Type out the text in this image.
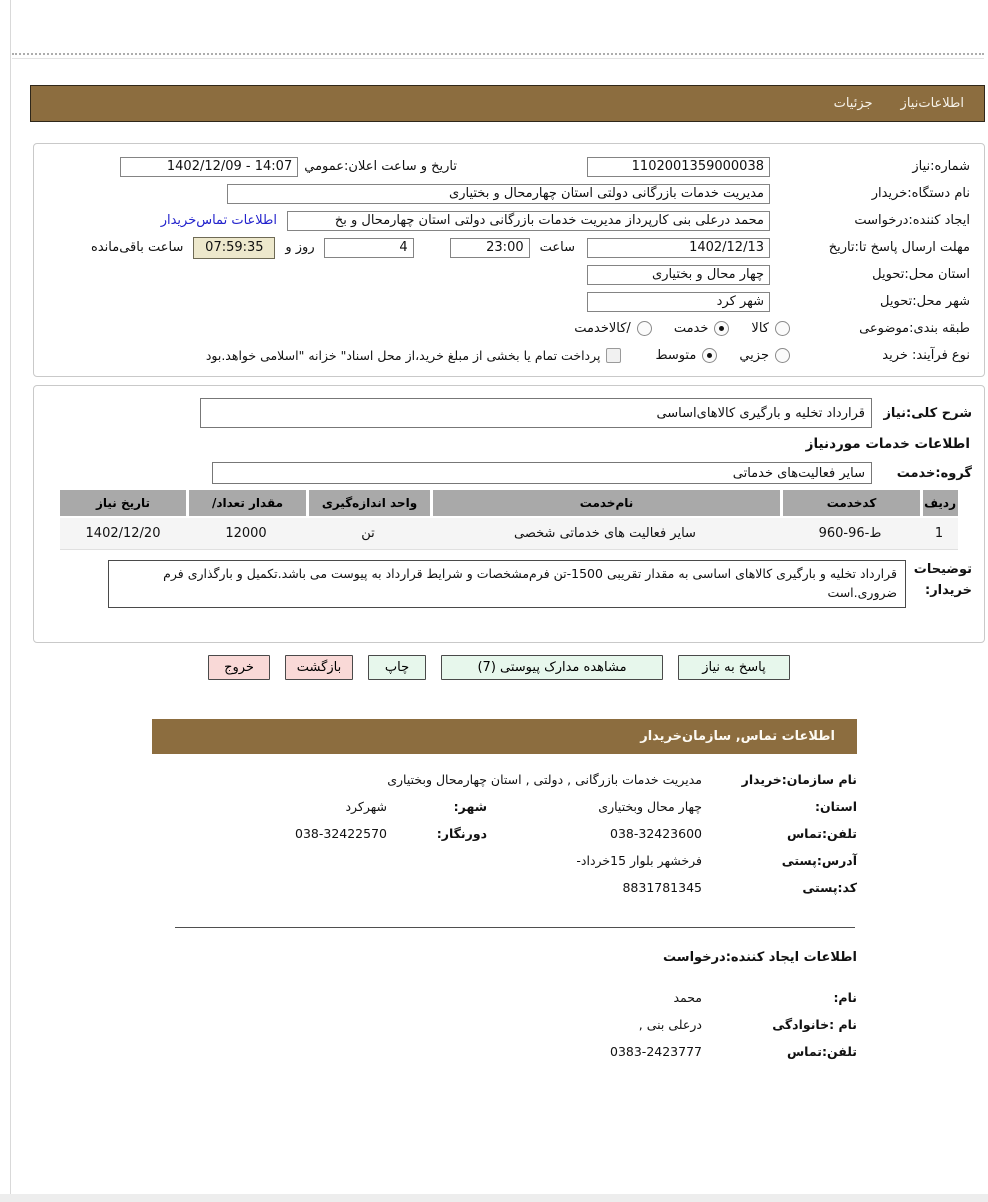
اطلاعات‌نیاز
جزئیات
شماره:نیاز
1102001359000038
تاریخ و ساعت اعلان:عمومي
1402/12/09 - 14:07
نام دستگاه:خریدار
مدیریت خدمات بازرگانی دولتی استان چهارمحال و بختیاری
ایجاد کننده:درخواست
محمد درعلی بنی کارپرداز مدیریت خدمات بازرگانی دولتی استان چهارمحال و بخ
اطلاعات تماس‌خریدار
مهلت ارسال پاسخ تا:تاریخ
1402/12/13
ساعت
23:00
4
روز و
07:59:35
ساعت باقی‌مانده
استان محل:تحویل
چهار محال و بختیاری
شهر محل:تحویل
شهر کرد
طبقه بندی:موضوعی
کالا
خدمت
/کالاخدمت
نوع فرآیند: خرید
جزیي
متوسط
پرداخت تمام یا بخشی از مبلغ خرید،از محل اسناد" خزانه "اسلامی خواهد.بود
شرح کلی:نیاز
قرارداد تخلیه و بارگیری کالاهای‌اساسی
اطلاعات خدمات موردنیاز
گروه:خدمت
سایر فعالیت‌های خدماتی
ردیف	کدخدمت	نام‌خدمت	واحد اندازه‌گیری	مقدار تعداد/	تاریخ نیاز
1	ط-96-960	سایر فعالیت های خدماتی شخصی	تن	12000	1402/12/20
توضیحات
خریدار:
قرارداد تخلیه و بارگیری کالاهای اساسی به مقدار تقریبی 1500-تن فرم‌مشخصات و شرایط قرارداد به پیوست می باشد.تکمیل و بارگذاری فرم ضروری.است
پاسخ به نیاز
مشاهده مدارک پیوستی (7)
چاپ
بازگشت
خروج
اطلاعات تماس, سازمان‌خریدار
نام سازمان:خریدار
مدیریت خدمات بازرگانی , دولتی , استان چهارمحال وبختیاری
استان:
چهار محال وبختیاری
شهر:
شهرکرد
تلفن:تماس
038-32423600
دورنگار:
038-32422570
آدرس:پستی
فرخشهر بلوار 15خرداد-
کد:پستی
8831781345
اطلاعات ایجاد کننده:درخواست
نام:
محمد
نام :خانوادگی
درعلی بنی ,
تلفن:تماس
0383-2423777
